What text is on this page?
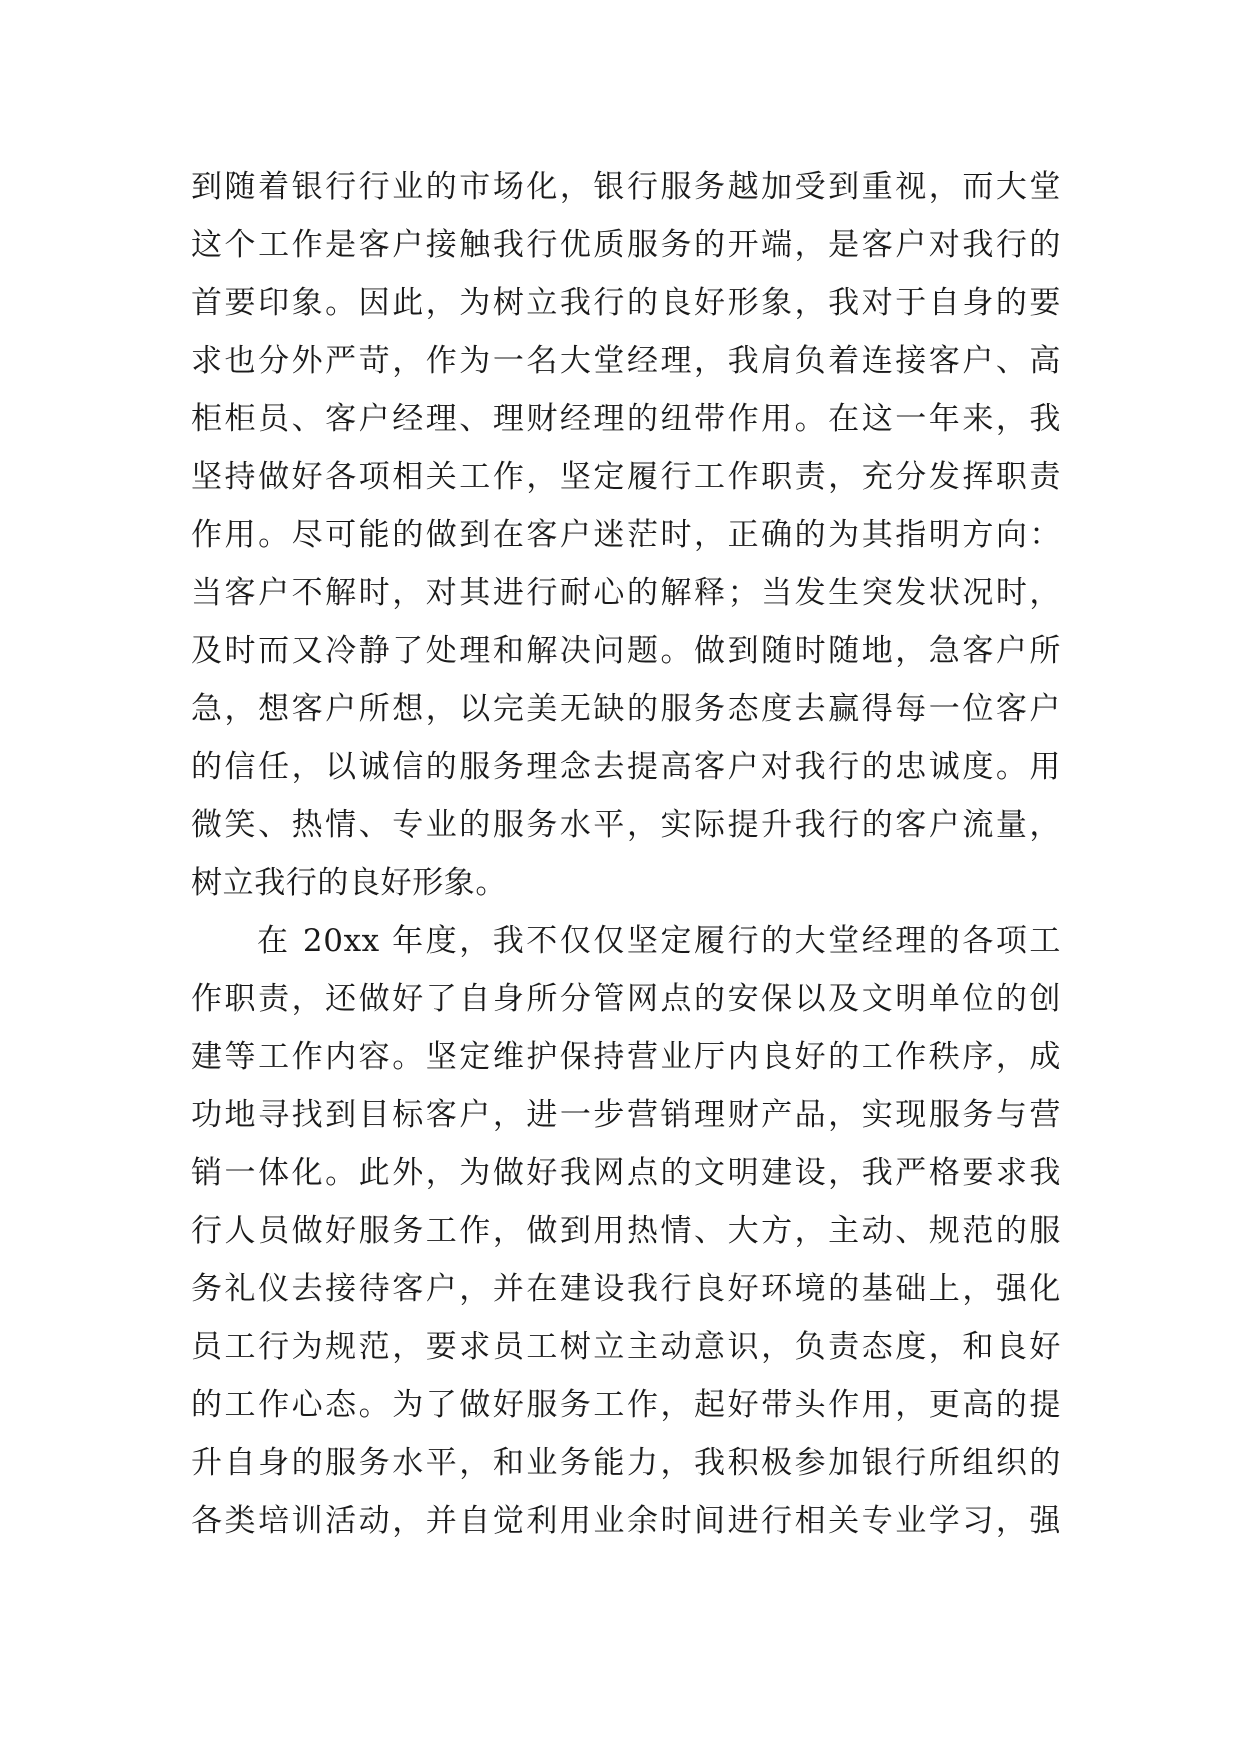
到随着银行行业的市场化，银行服务越加受到重视，而大堂
这个工作是客户接触我行优质服务的开端，是客户对我行的
首要印象。因此，为树立我行的良好形象，我对于自身的要
求也分外严苛，作为一名大堂经理，我肩负着连接客户、高
柜柜员、客户经理、理财经理的纽带作用。在这一年来，我
坚持做好各项相关工作，坚定履行工作职责，充分发挥职责
作用。尽可能的做到在客户迷茫时，正确的为其指明方向：
当客户不解时，对其进行耐心的解释；当发生突发状况时，
及时而又冷静了处理和解决问题。做到随时随地，急客户所
急，想客户所想，以完美无缺的服务态度去赢得每一位客户
的信任，以诚信的服务理念去提高客户对我行的忠诚度。用
微笑、热情、专业的服务水平，实际提升我行的客户流量，
树立我行的良好形象。
在 20xx 年度，我不仅仅坚定履行的大堂经理的各项工
作职责，还做好了自身所分管网点的安保以及文明单位的创
建等工作内容。坚定维护保持营业厅内良好的工作秩序，成
功地寻找到目标客户，进一步营销理财产品，实现服务与营
销一体化。此外，为做好我网点的文明建设，我严格要求我
行人员做好服务工作，做到用热情、大方，主动、规范的服
务礼仪去接待客户，并在建设我行良好环境的基础上，强化
员工行为规范，要求员工树立主动意识，负责态度，和良好
的工作心态。为了做好服务工作，起好带头作用，更高的提
升自身的服务水平，和业务能力，我积极参加银行所组织的
各类培训活动，并自觉利用业余时间进行相关专业学习，强
